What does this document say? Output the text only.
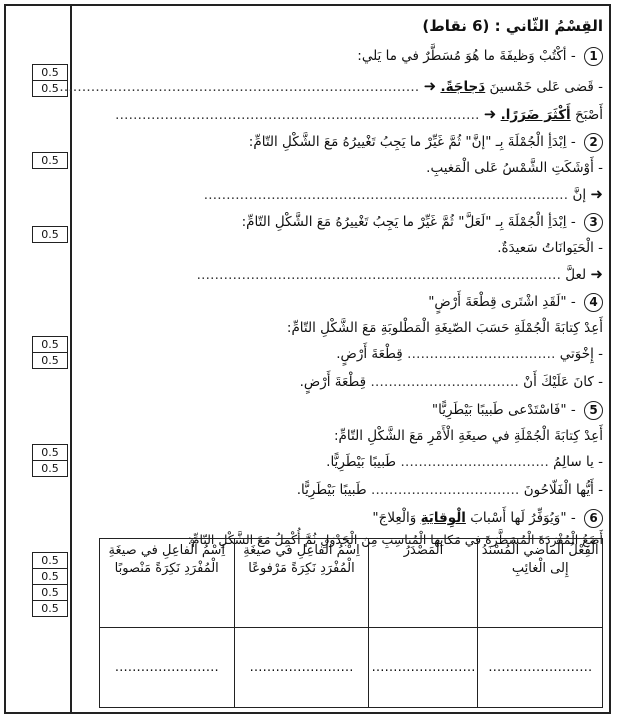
0.5
0.5
0.5
0.5
0.5
0.5
0.5
0.5
0.5
0.5
0.5
0.5
القِسْمُ الثّاني : (6 نقاط)
1 - أكْتُبْ وَظيفَةَ ما هُوَ مُسَطَّرٌ في ما يَلي:
- قَضى عَلى خَمْسينَ دَجاجَةً. ➜ ………………………………………………………………………
أَصْبَحَ أَكْثَرَ ضَرَرًا. ➜ ………………………………………………………………………
2 - اِبْدَأِ الْجُمْلَةَ بِـ "إنَّ" ثُمَّ غَيِّرْ ما يَجِبُ تَغْييرُهُ مَعَ الشَّكْلِ التّامِّ:
- أَوْشَكَتِ الشَّمْسُ عَلى الْمَغيبِ.
➜ إنَّ ………………………………………………………………………
3 - اِبْدَأِ الْجُمْلَةَ بِـ "لَعَلَّ" ثُمَّ غَيِّرْ ما يَجِبُ تَغْييرُهُ مَعَ الشَّكْلِ التّامِّ:
- الْحَيَوانَاتُ سَعيدَةٌ.
➜ لعلَّ ………………………………………………………………………
4 - "لَقَدِ اشْتَرى قِطْعَةَ أَرْضٍ"
أَعِدْ كِتابَةَ الْجُمْلَةِ حَسَبَ الصّيغَةِ الْمَطْلوبَةِ مَعَ الشَّكْلِ التّامِّ:
- إِخْوَتي …………………………… قِطْعَةَ أَرْضٍ.
- كانَ عَلَيْكَ أَنْ …………………………… قِطْعَةَ أَرْضٍ.
5 - "فَاسْتَدْعى طَبيبًا بَيْطَرِيًّا"
أَعِدْ كِتابَةَ الْجُمْلَةِ في صيغَةِ الْأَمْرِ مَعَ الشَّكْلِ التّامِّ:
- يا سالِمُ …………………………… طَبيبًا بَيْطَرِيًّا.
- أَيُّها الْفَلّاحُونَ …………………………… طَبيبًا بَيْطَرِيًّا.
6 - "وَيُوَفِّرُ لَها أَسْبابَ الْوِقايَةِ وَالْعِلاجَ"
أَضَعُ الْمُفْرَدَةَ الْمُسَطَّرَةَ في مَكانِها الْمُناسِبِ مِنَ الْجَدْوَلِ ثُمَّ أُكْمِلُ مَعَ الشَّكْلِ التّامِّ:
الْفِعْلُ الْماضي الْمُسْنَدُ إِلى الْغائِبِ	الْمَصْدَرُ	اِسْمُ الْفاعِلِ في صيغَةِ الْمُفْرَدِ نَكِرَةً مَرْفوعًا	اِسْمُ الْفاعِلِ في صيغَةِ الْمُفْرَدِ نَكِرَةً مَنْصوبًا
……………………	……………………	……………………	……………………
